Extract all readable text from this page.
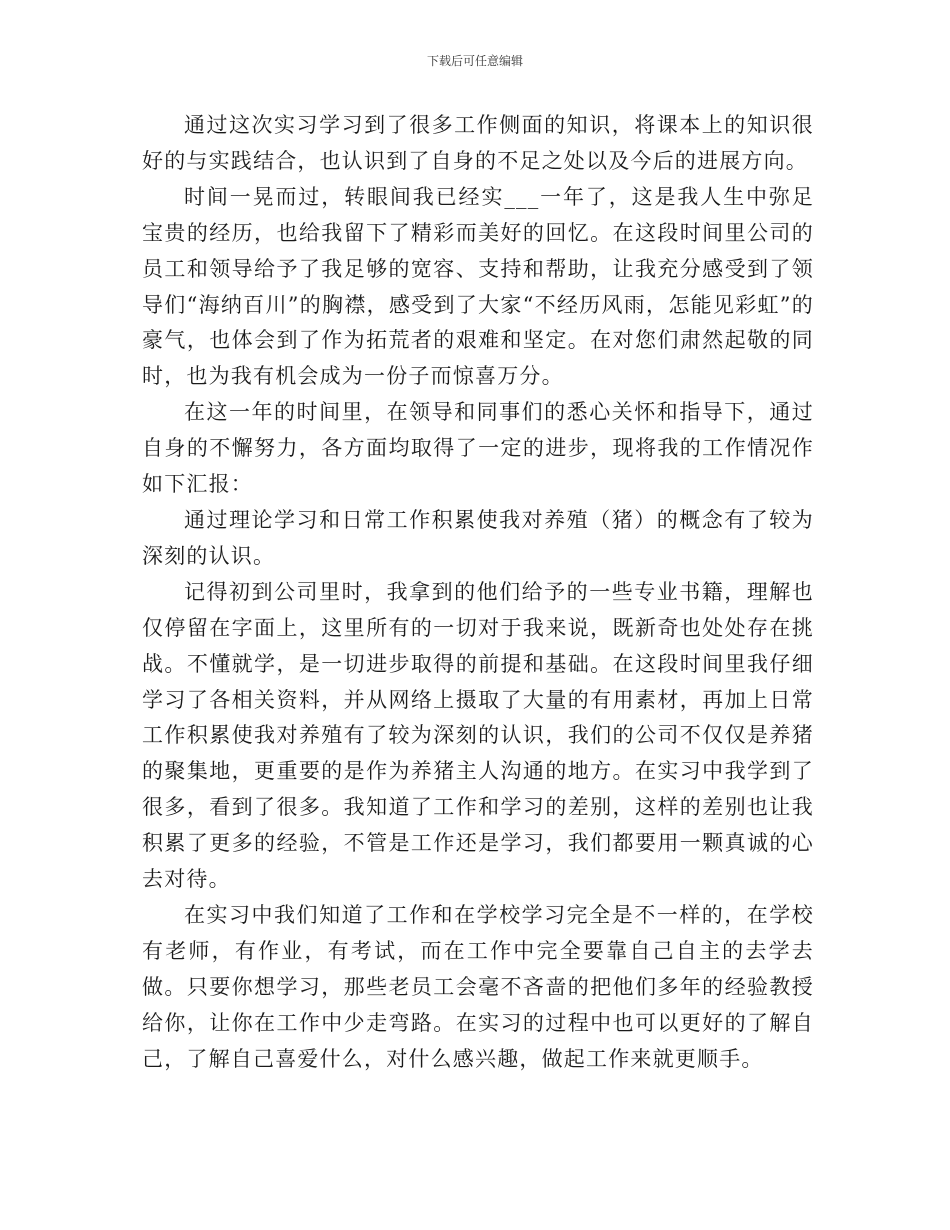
下载后可任意编辑

通过这次实习学习到了很多工作侧面的知识，将课本上的知识很好的与实践结合，也认识到了自身的不足之处以及今后的进展方向。

时间一晃而过，转眼间我已经实___一年了，这是我人生中弥足宝贵的经历，也给我留下了精彩而美好的回忆。在这段时间里公司的员工和领导给予了我足够的宽容、支持和帮助，让我充分感受到了领导们“海纳百川”的胸襟，感受到了大家“不经历风雨，怎能见彩虹”的豪气，也体会到了作为拓荒者的艰难和坚定。在对您们肃然起敬的同时，也为我有机会成为一份子而惊喜万分。

在这一年的时间里，在领导和同事们的悉心关怀和指导下，通过自身的不懈努力，各方面均取得了一定的进步，现将我的工作情况作如下汇报：

通过理论学习和日常工作积累使我对养殖（猪）的概念有了较为深刻的认识。

记得初到公司里时，我拿到的他们给予的一些专业书籍，理解也仅停留在字面上，这里所有的一切对于我来说，既新奇也处处存在挑战。不懂就学，是一切进步取得的前提和基础。在这段时间里我仔细学习了各相关资料，并从网络上摄取了大量的有用素材，再加上日常工作积累使我对养殖有了较为深刻的认识，我们的公司不仅仅是养猪的聚集地，更重要的是作为养猪主人沟通的地方。在实习中我学到了很多，看到了很多。我知道了工作和学习的差别，这样的差别也让我积累了更多的经验，不管是工作还是学习，我们都要用一颗真诚的心去对待。

在实习中我们知道了工作和在学校学习完全是不一样的，在学校有老师，有作业，有考试，而在工作中完全要靠自己自主的去学去做。只要你想学习，那些老员工会毫不吝啬的把他们多年的经验教授给你，让你在工作中少走弯路。在实习的过程中也可以更好的了解自己，了解自己喜爱什么，对什么感兴趣，做起工作来就更顺手。
